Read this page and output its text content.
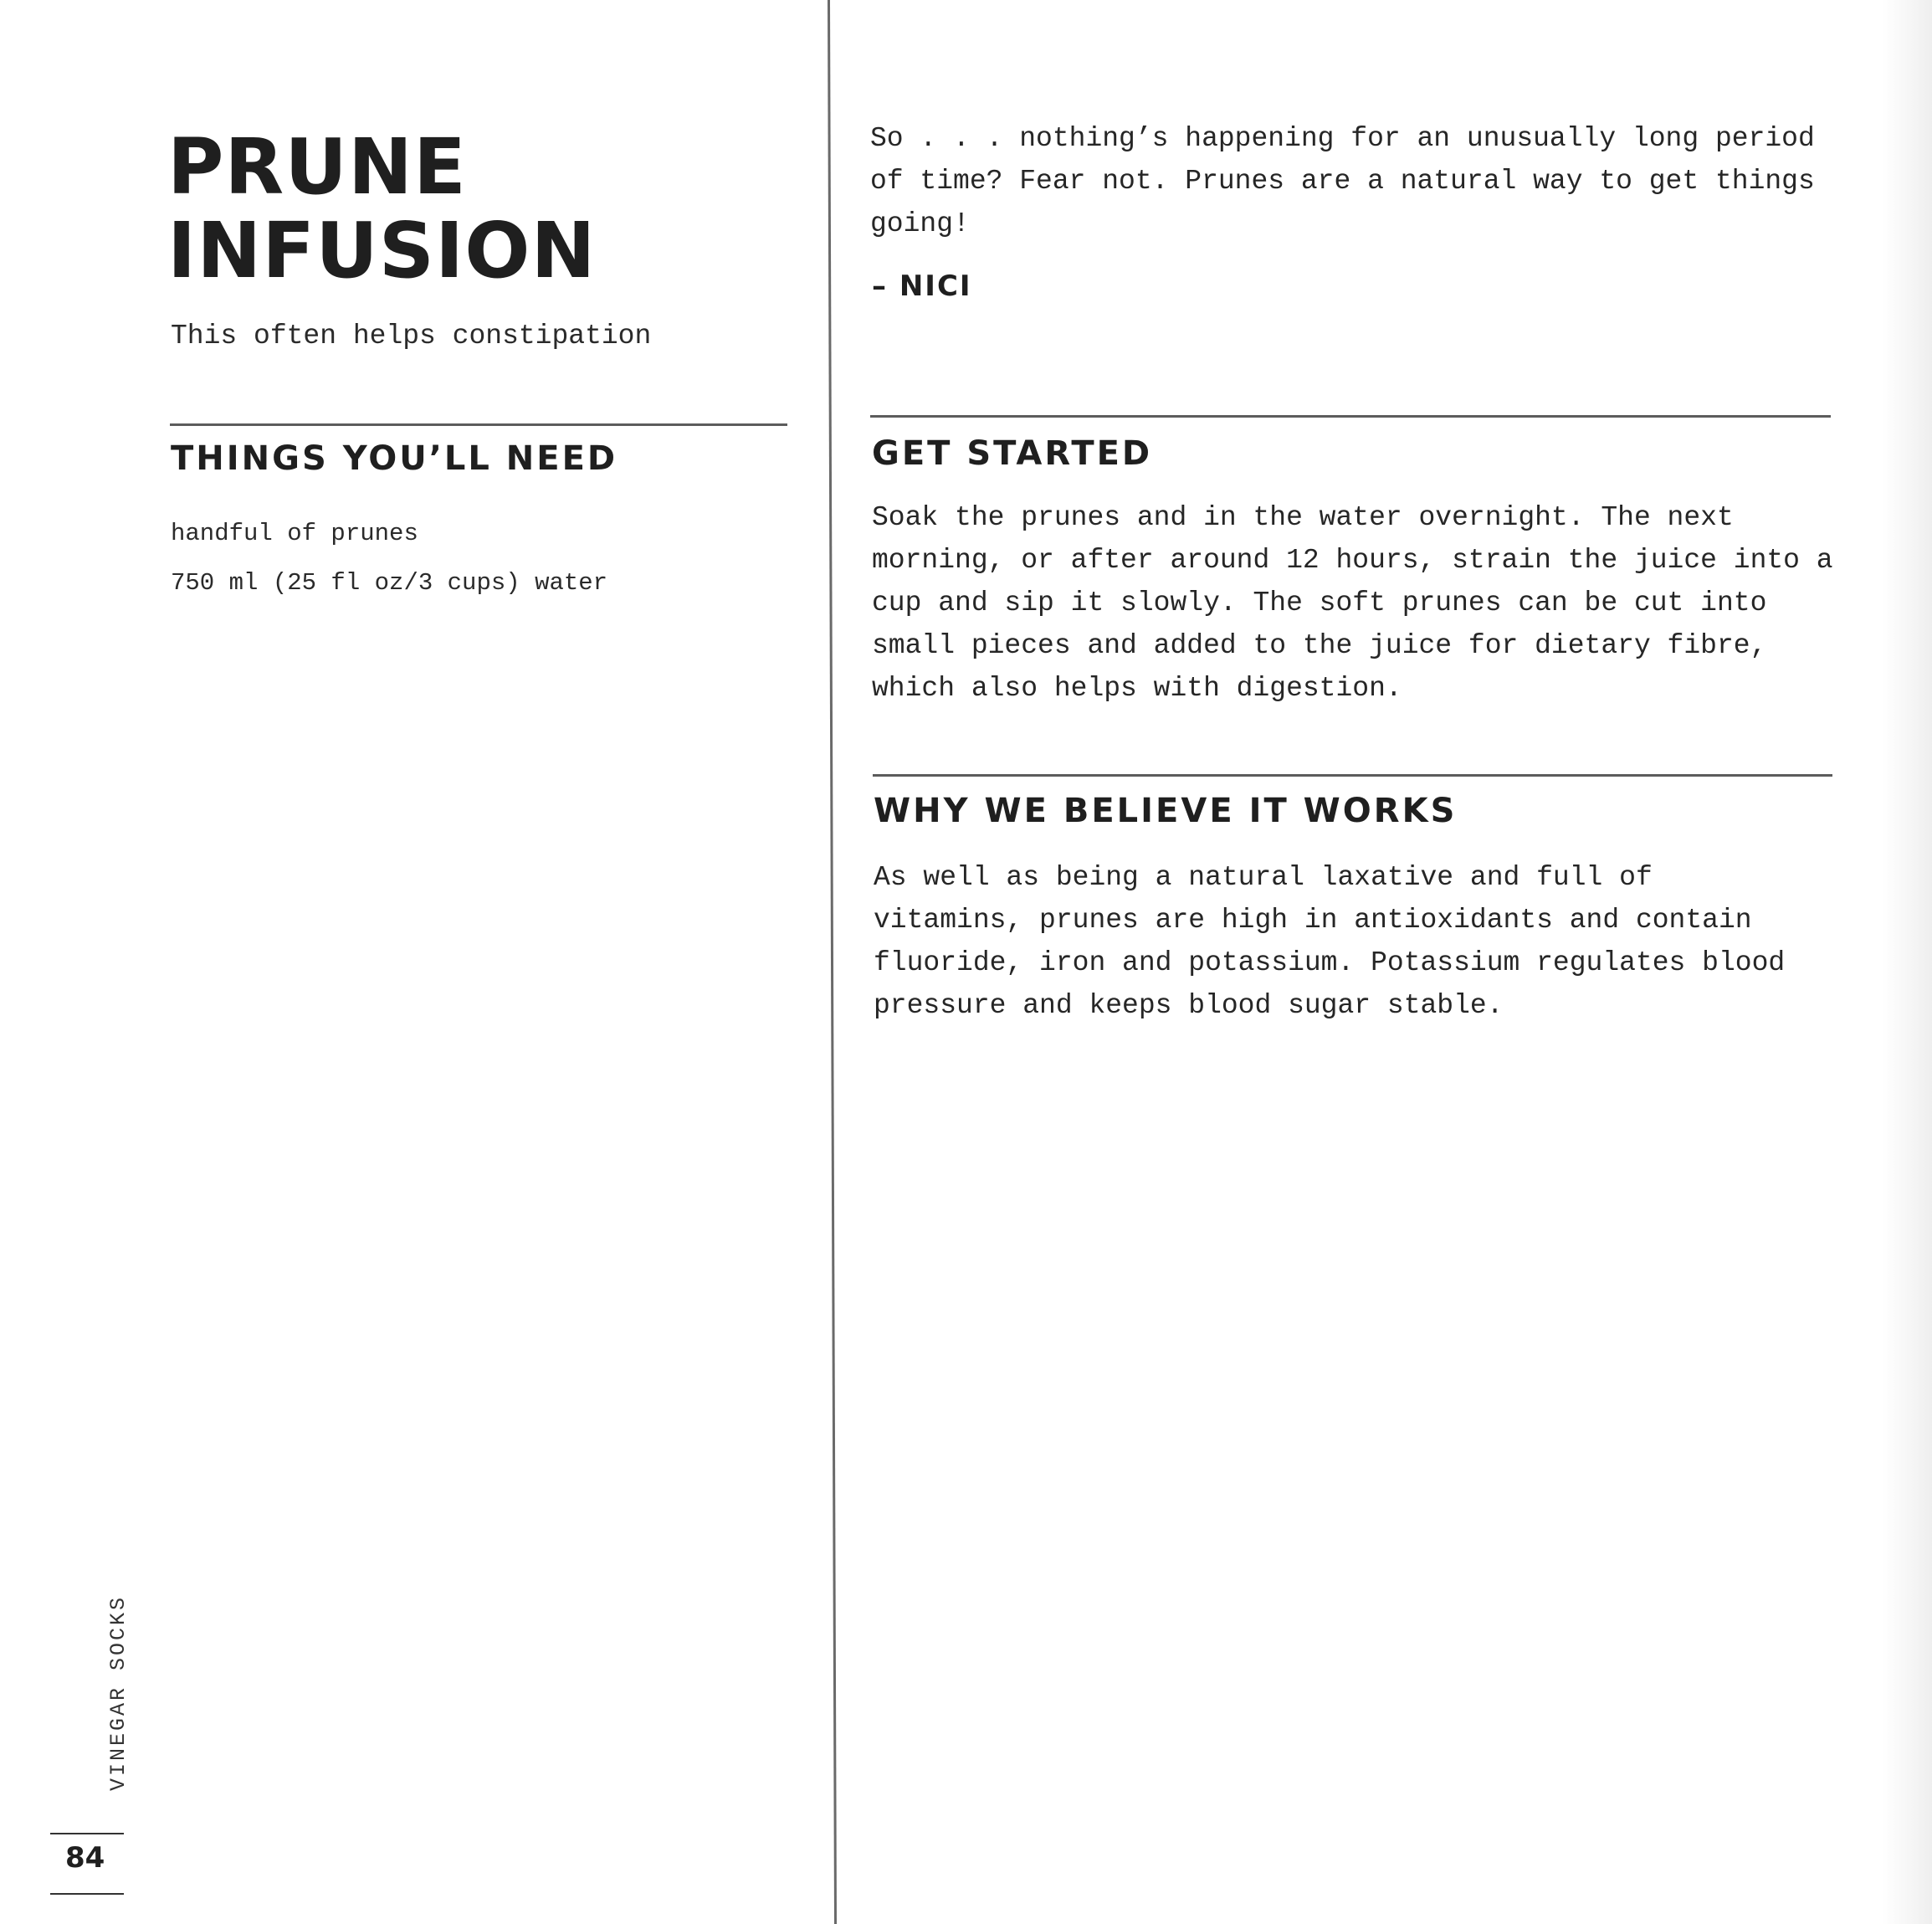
PRUNE
INFUSION

This often helps constipation

THINGS YOU’LL NEED
handful of prunes
750 ml (25 fl oz/3 cups) water

VINEGAR SOCKS

84

So . . . nothing’s happening for an unusually long period of time? Fear not. Prunes are a natural way to get things going!

– NICI

GET STARTED

Soak the prunes and in the water overnight. The next morning, or after around 12 hours, strain the juice into a cup and sip it slowly. The soft prunes can be cut into small pieces and added to the juice for dietary fibre, which also helps with digestion.

WHY WE BELIEVE IT WORKS

As well as being a natural laxative and full of vitamins, prunes are high in antioxidants and contain fluoride, iron and potassium. Potassium regulates blood pressure and keeps blood sugar stable.
